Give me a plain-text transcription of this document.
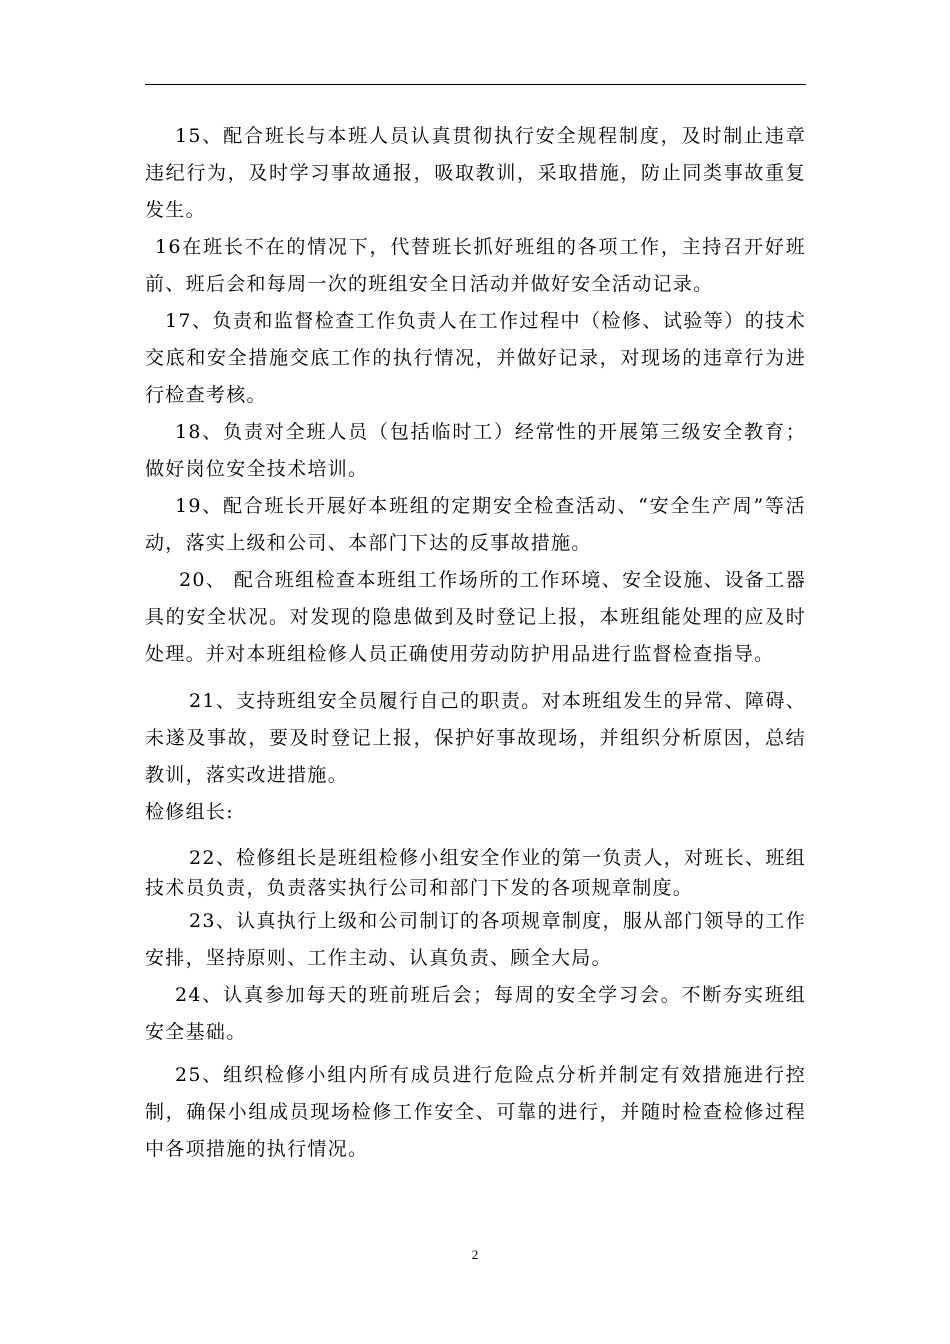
15、配合班长与本班人员认真贯彻执行安全规程制度，及时制止违章违纪行为，及时学习事故通报，吸取教训，采取措施，防止同类事故重复发生。

16在班长不在的情况下，代替班长抓好班组的各项工作，主持召开好班前、班后会和每周一次的班组安全日活动并做好安全活动记录。

17、负责和监督检查工作负责人在工作过程中（检修、试验等）的技术交底和安全措施交底工作的执行情况，并做好记录，对现场的违章行为进行检查考核。

18、负责对全班人员（包括临时工）经常性的开展第三级安全教育；做好岗位安全技术培训。

19、配合班长开展好本班组的定期安全检查活动、“安全生产周”等活动，落实上级和公司、本部门下达的反事故措施。

20、 配合班组检查本班组工作场所的工作环境、安全设施、设备工器具的安全状况。对发现的隐患做到及时登记上报，本班组能处理的应及时处理。并对本班组检修人员正确使用劳动防护用品进行监督检查指导。

21、支持班组安全员履行自己的职责。对本班组发生的异常、障碍、未遂及事故，要及时登记上报，保护好事故现场，并组织分析原因，总结教训，落实改进措施。

检修组长:

22、检修组长是班组检修小组安全作业的第一负责人，对班长、班组技术员负责，负责落实执行公司和部门下发的各项规章制度。

23、认真执行上级和公司制订的各项规章制度，服从部门领导的工作安排，坚持原则、工作主动、认真负责、顾全大局。

24、认真参加每天的班前班后会；每周的安全学习会。不断夯实班组安全基础。

25、组织检修小组内所有成员进行危险点分析并制定有效措施进行控制，确保小组成员现场检修工作安全、可靠的进行，并随时检查检修过程中各项措施的执行情况。

2
